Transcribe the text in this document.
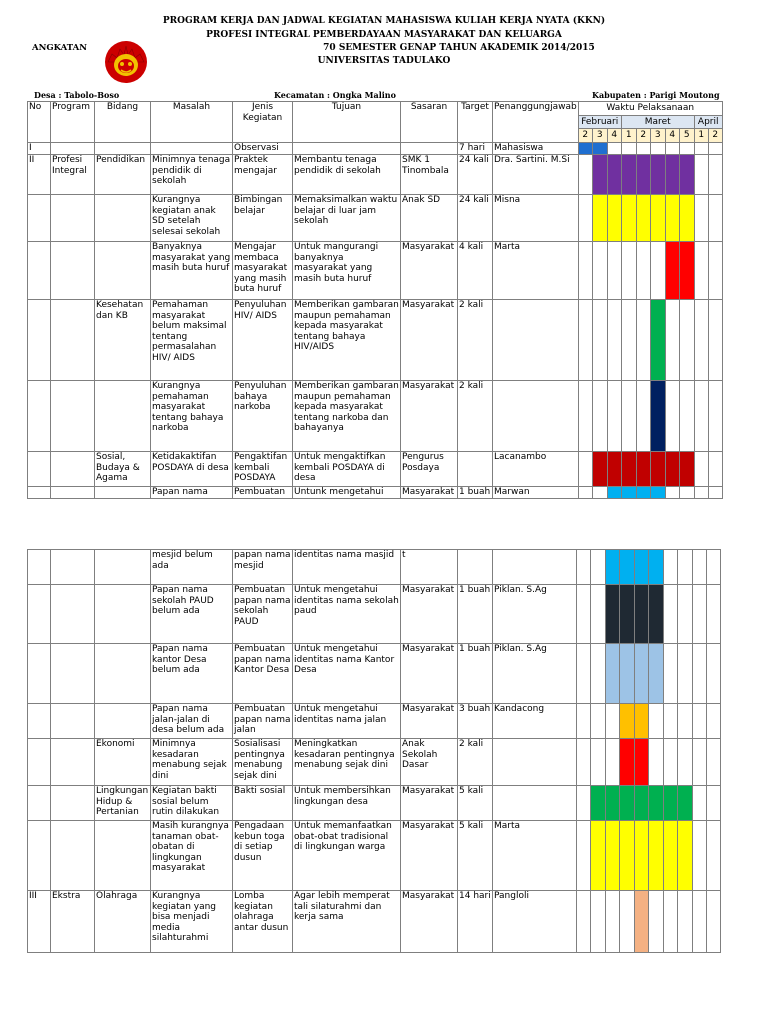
PROGRAM KERJA DAN JADWAL KEGIATAN MAHASISWA KULIAH KERJA NYATA (KKN)
PROFESI INTEGRAL PEMBERDAYAAN MASYARAKAT DAN KELUARGA
ANGKATAN	70 SEMESTER GENAP TAHUN AKADEMIK 2014/2015
UNIVERSITAS TADULAKO
Desa : Tabolo-Boso	Kecamatan : Ongka Malino	Kabupaten : Parigi Moutong
No	Program	Bidang	Masalah	Jenis Kegiatan	Tujuan	Sasaran	Target	Penanggungjawab	Waktu Pelaksanaan									
									Februari			Maret					April	
									2	3	4	1	2	3	4	5	1	2
I				Observasi			7 hari	Mahasiswa										
II	Profesi Integral	Pendidikan	Minimnya tenaga pendidik di sekolah	Praktek mengajar	Membantu tenaga pendidik di sekolah	SMK 1 Tinombala	24 kali	Dra. Sartini. M.Si										
			Kurangnya kegiatan anak SD setelah selesai sekolah	Bimbingan belajar	Memaksimalkan waktu belajar di luar jam sekolah	Anak SD	24 kali	Misna										
			Banyaknya masyarakat yang masih buta huruf	Mengajar membaca masyarakat yang masih buta huruf	Untuk mangurangi banyaknya masyarakat yang masih buta huruf	Masyarakat	4 kali	Marta										
		Kesehatan dan KB	Pemahaman masyarakat belum maksimal tentang permasalahan HIV/ AIDS	Penyuluhan HIV/ AIDS	Memberikan gambaran maupun pemahaman kepada masyarakat tentang bahaya HIV/AIDS	Masyarakat	2 kali											
			Kurangnya pemahaman masyarakat tentang bahaya narkoba	Penyuluhan bahaya narkoba	Memberikan gambaran maupun pemahaman kepada masyarakat tentang narkoba dan bahayanya	Masyarakat	2 kali											
		Sosial, Budaya & Agama	Ketidakaktifan POSDAYA di desa	Pengaktifan kembali POSDAYA	Untuk mengaktifkan kembali POSDAYA di desa	Pengurus Posdaya		Lacanambo										
			Papan nama	Pembuatan	Untunk mengetahui	Masyarakat	1 buah	Marwan										
			mesjid belum ada	papan nama mesjid	identitas nama masjid	t												
			Papan nama sekolah PAUD belum ada	Pembuatan papan nama sekolah PAUD	Untuk mengetahui identitas nama sekolah paud	Masyarakat	1 buah	Piklan. S.Ag										
			Papan nama kantor Desa belum ada	Pembuatan papan nama Kantor Desa	Untuk mengetahui identitas nama Kantor Desa	Masyarakat	1 buah	Piklan. S.Ag										
			Papan nama jalan-jalan di desa belum ada	Pembuatan papan nama jalan	Untuk mengetahui identitas nama jalan	Masyarakat	3 buah	Kandacong										
		Ekonomi	Minimnya kesadaran menabung sejak dini	Sosialisasi pentingnya menabung sejak dini	Meningkatkan kesadaran pentingnya menabung sejak dini	Anak Sekolah Dasar	2 kali											
		Lingkungan Hidup & Pertanian	Kegiatan bakti sosial belum rutin dilakukan	Bakti sosial	Untuk membersihkan lingkungan desa	Masyarakat	5 kali											
			Masih kurangnya tanaman obat-obatan di lingkungan masyarakat	Pengadaan kebun toga di setiap dusun	Untuk memanfaatkan obat-obat tradisional di lingkungan warga	Masyarakat	5 kali	Marta										
III	Ekstra	Olahraga	Kurangnya kegiatan yang bisa menjadi media silahturahmi	Lomba kegiatan olahraga antar dusun	Agar lebih memperat tali silaturahmi dan kerja sama	Masyarakat	14 hari	Pangloli										
